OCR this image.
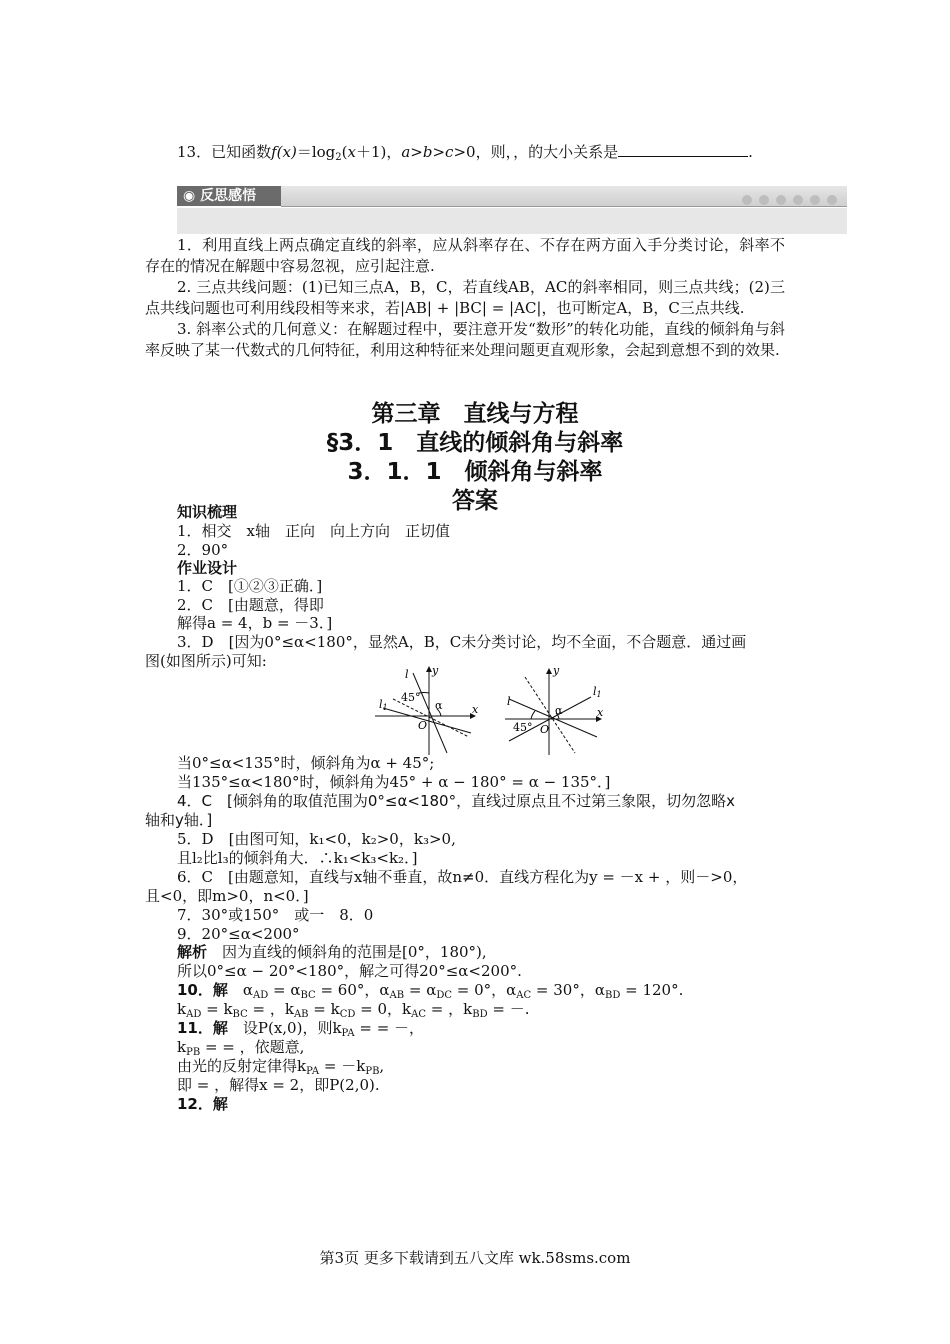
13．已知函数$f(x)=\log_2(x+1)$，a>b>c>0，则，，的大小关系是	.
◉ 反思感悟
1．利用直线上两点确定直线的斜率，应从斜率存在、不存在两方面入手分类讨论，斜率不存在的情况在解题中容易忽视，应引起注意.
2. 三点共线问题：(1)已知三点A，B，C，若直线AB，AC的斜率相同，则三点共线；(2)三点共线问题也可利用线段相等来求，若|AB| + |BC| = |AC|，也可断定A，B，C三点共线.
3. 斜率公式的几何意义：在解题过程中，要注意开发“数形”的转化功能，直线的倾斜角与斜率反映了某一代数式的几何特征，利用这种特征来处理问题更直观形象，会起到意想不到的效果.
第三章　直线与方程
§3．1　直线的倾斜角与斜率
3．1．1　倾斜角与斜率
答案
知识梳理
1．相交　x轴　正向　向上方向　正切值
2．90°
作业设计
1．C　[①②③正确．]
2．C　[由题意，得即
解得a = 4，b = －3．]
3．D　[因为0°≤α<180°，显然A，B，C未分类讨论，均不全面，不合题意．通过画
图(如图所示)可知:
y
x
l
l1
45°
α
O
y
x
l
l1
45°
α
O
当0°≤α<135°时，倾斜角为α + 45°;
当135°≤α<180°时，倾斜角为45° + α − 180° = α − 135°．]
4．C　[倾斜角的取值范围为0°≤α<180°，直线过原点且不过第三象限，切勿忽略x
轴和y轴．]
5．D　[由图可知，k₁<0，k₂>0，k₃>0,
且l₂比l₃的倾斜角大．∴k₁<k₃<k₂．]
6．C　[由题意知，直线与x轴不垂直，故n≠0．直线方程化为y = －x + ，则－>0，
且<0，即m>0，n<0．]
7．30°或150°　或一　8．0
9．20°≤α<200°
解析　因为直线的倾斜角的范围是[0°，180°),
所以0°≤α − 20°<180°，解之可得20°≤α<200°.
10．解　$\alpha_{AD} = \alpha_{BC} = 60^\circ$，$\alpha_{AB} = \alpha_{DC} = 0^\circ$，$\alpha_{AC} = 30^\circ$，$\alpha_{BD} = 120^\circ$.
$k_{AD} = k_{BC}$ = ，$k_{AB} = k_{CD} = 0$，$k_{AC}$ = ，$k_{BD}$ = －.
11．解　设P(x,0)，则$k_{PA}$ = = －，
$k_{PB}$ = = ，依题意,
由光的反射定律得$k_{PA} = -k_{PB}$,
即 = ，解得x = 2，即P(2,0).
12．解
第3页 更多下载请到五八文库 wk.58sms.com
